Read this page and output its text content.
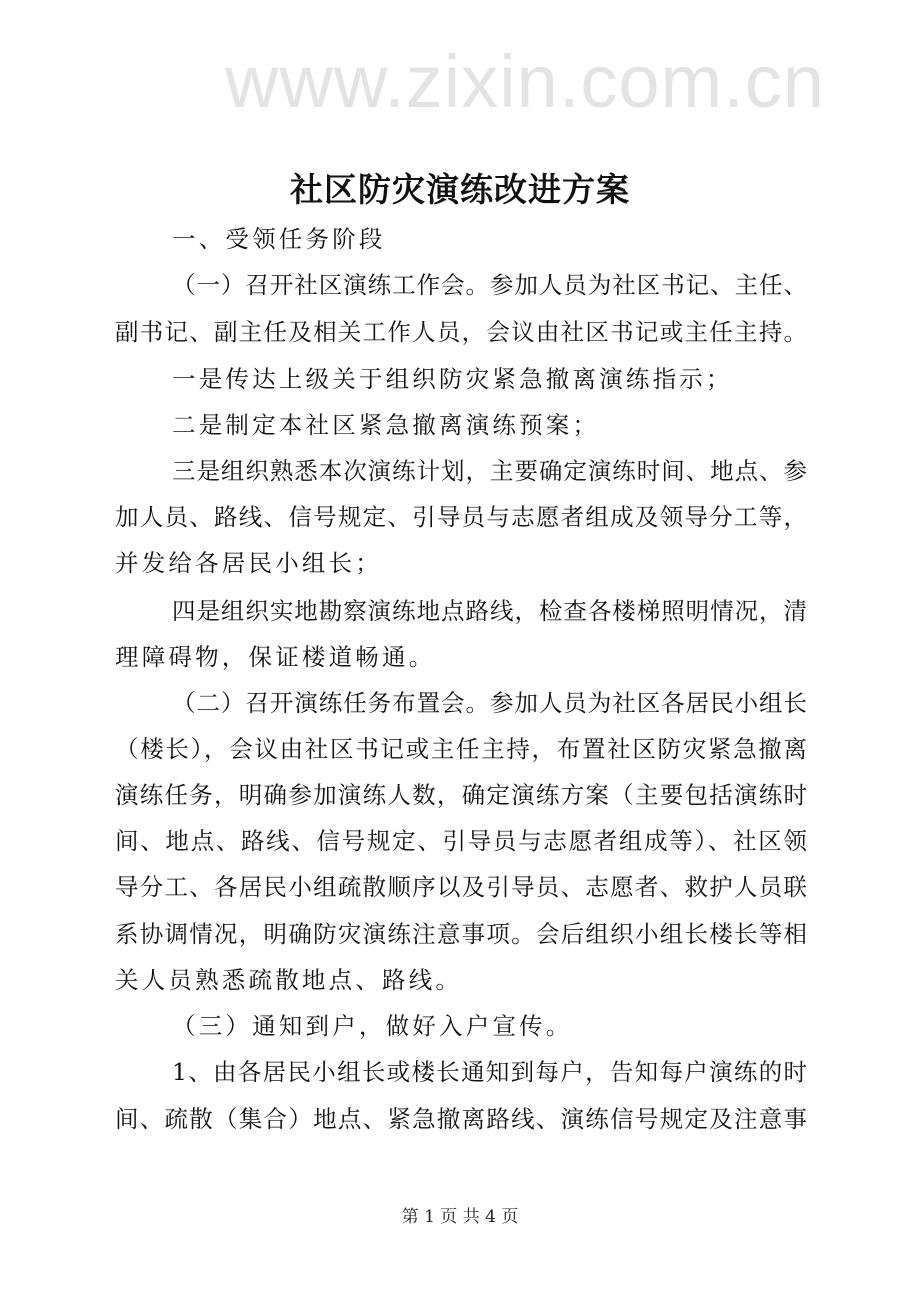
www.zixin.com.cn
社区防灾演练改进方案
一、受领任务阶段
（一）召开社区演练工作会。参加人员为社区书记、主任、
副书记、副主任及相关工作人员，会议由社区书记或主任主持。
一是传达上级关于组织防灾紧急撤离演练指示；
二是制定本社区紧急撤离演练预案；
三是组织熟悉本次演练计划，主要确定演练时间、地点、参
加人员、路线、信号规定、引导员与志愿者组成及领导分工等，
并发给各居民小组长；
四是组织实地勘察演练地点路线，检查各楼梯照明情况，清
理障碍物，保证楼道畅通。
（二）召开演练任务布置会。参加人员为社区各居民小组长
（楼长），会议由社区书记或主任主持，布置社区防灾紧急撤离
演练任务，明确参加演练人数，确定演练方案（主要包括演练时
间、地点、路线、信号规定、引导员与志愿者组成等）、社区领
导分工、各居民小组疏散顺序以及引导员、志愿者、救护人员联
系协调情况，明确防灾演练注意事项。会后组织小组长楼长等相
关人员熟悉疏散地点、路线。
（三）通知到户，做好入户宣传。
1、由各居民小组长或楼长通知到每户，告知每户演练的时
间、疏散（集合）地点、紧急撤离路线、演练信号规定及注意事
第 1 页 共 4 页
